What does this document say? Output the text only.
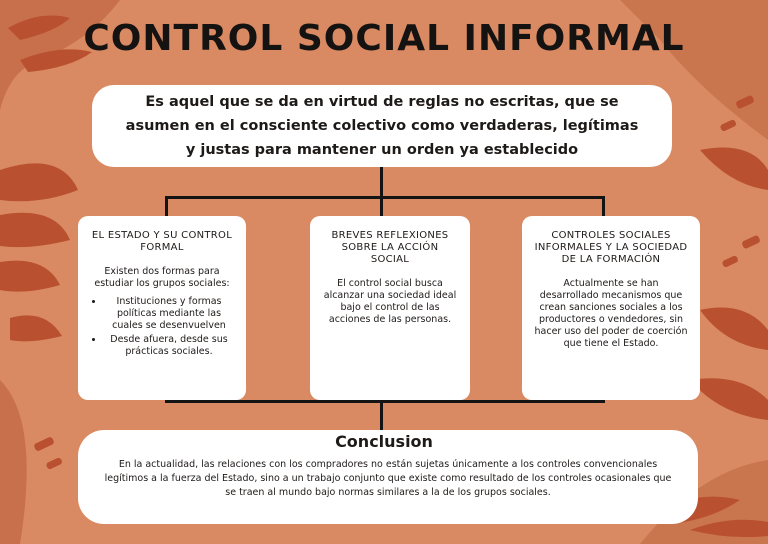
CONTROL SOCIAL INFORMAL
Es aquel que se da en virtud de reglas no escritas, que se asumen en el consciente colectivo como verdaderas, legítimas y justas para mantener un orden ya establecido
EL ESTADO Y SU CONTROL FORMAL

Existen dos formas para estudiar los grupos sociales:

• Instituciones y formas políticas mediante las cuales se desenvuelven
• Desde afuera, desde sus prácticas sociales.
BREVES REFLEXIONES SOBRE LA ACCIÓN SOCIAL

El control social busca alcanzar una sociedad ideal bajo el control de las acciones de las personas.

CONTROLES SOCIALES INFORMALES Y LA SOCIEDAD DE LA FORMACIÓN

Actualmente se han desarrollado mecanismos que crean sanciones sociales a los productores o vendedores, sin hacer uso del poder de coerción que tiene el Estado.

En la actualidad, las relaciones con los compradores no están sujetas únicamente a los controles convencionales legítimos a la fuerza del Estado, sino a un trabajo conjunto que existe como resultado de los controles ocasionales que se traen al mundo bajo normas similares a la de los grupos sociales.
Conclusion
